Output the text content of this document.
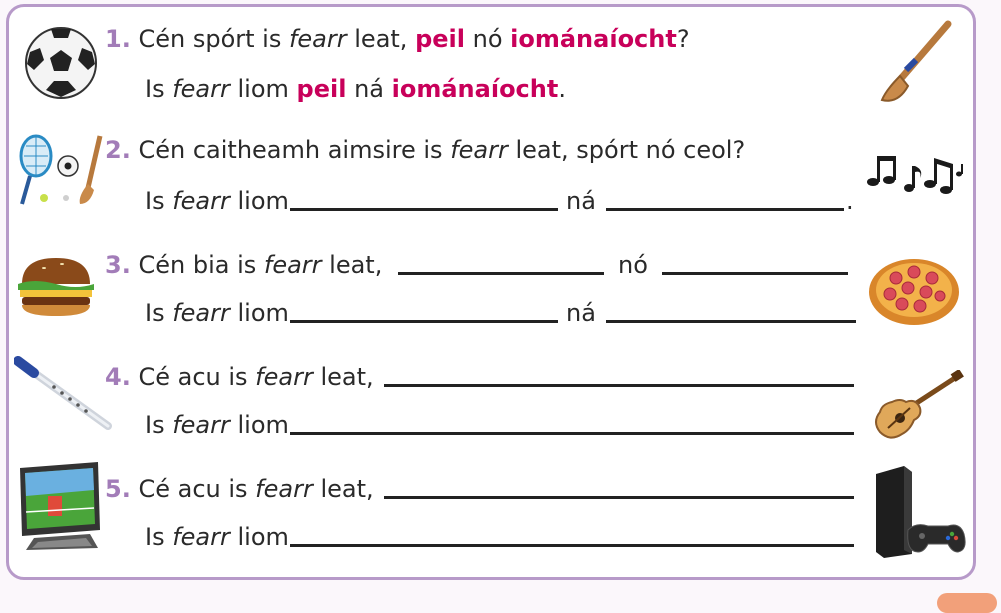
1. Cén spórt is fearr leat, peil nó iománaíocht?
Is fearr liom peil ná iománaíocht.
2. Cén caitheamh aimsire is fearr leat, spórt nó ceol?
Is fearr liom	ná	.
3. Cén bia is fearr leat,	nó
Is fearr liom	ná
4. Cé acu is fearr leat,
Is fearr liom
5. Cé acu is fearr leat,
Is fearr liom
